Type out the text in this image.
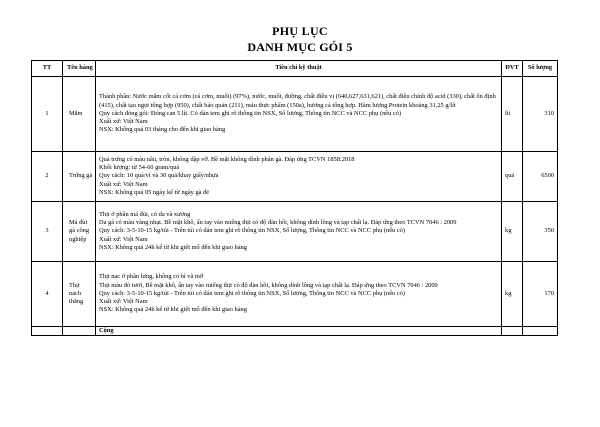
PHỤ LỤC
DANH MỤC GÓI 5
TT	Tên hàng	Tiêu chí kỹ thuật	ĐVT	Số lượng
1	Mắm	Thành phần: Nước mắm cốt cá cơm (cá cơm, muối) (97%), nước, muối, đường, chất điều vị (640,627,631,621), chất điều chỉnh độ acid (330), chất ổn định (415), chất tạo ngọt tổng hợp (950), chất bảo quản (211), màu thực phẩm (150a), hương cá tổng hợp. Hàm lượng Protein khoảng 31,25 g/lít
Quy cách đóng gói: Đóng can 5 lít. Có dán tem ghi rõ thông tin NSX, Số lượng, Thông tin NCC và NCC phụ (nếu có)
Xuất xứ: Việt Nam
NSX: Không quá 03 tháng cho đến khi giao hàng	lít	310
2	Trứng gà	Quả trứng có màu nâu, tròn, không dập vỡ. Bề mặt không dính phân gà. Đáp ứng TCVN 1858:2018
Khối lượng: từ 54-60 gram/quả
Quy cách: 10 quả/vỉ và 30 quả/khay giấy/nhựa
Xuất xứ: Việt Nam
NSX: Không quá 05 ngày kể từ ngày gà đẻ	quả	6500
3	Má đùi gà công nghiệp	Thịt ở phần má đùi, có da và xương
Da gà có màu vàng nhạt. Bề mặt khô, ấn tay vào miếng thịt có độ đàn hồi, không dính lông và tạp chất lạ. Đáp ứng theo TCVN 7046 : 2009
Quy cách: 3-5-10-15 kg/túi - Trên túi có dán tem ghi rõ thông tin NSX, Số lượng, Thông tin NCC và NCC phụ (nếu có)
Xuất xứ: Việt Nam
NSX: Không quá 24h kể từ khi giết mổ đến khi giao hàng	kg	350
4	Thịt nách thăng	Thịt nạc ở phần lưng, không có bì và mỡ
Thịt màu đỏ tươi, Bề mặt khô, ấn tay vào miếng thịt có độ đàn hồi, không dính lông và tạp chất lạ. Đáp ứng theo TCVN 7046 : 2009
Quy cách: 3-5-10-15 kg/túi - Trên túi có dán tem ghi rõ thông tin NSX, Số lượng, Thông tin NCC và NCC phụ (nếu có)
Xuất xứ: Việt Nam
NSX: Không quá 24h kể từ khi giết mổ đến khi giao hàng	kg	170
		Cộng		
